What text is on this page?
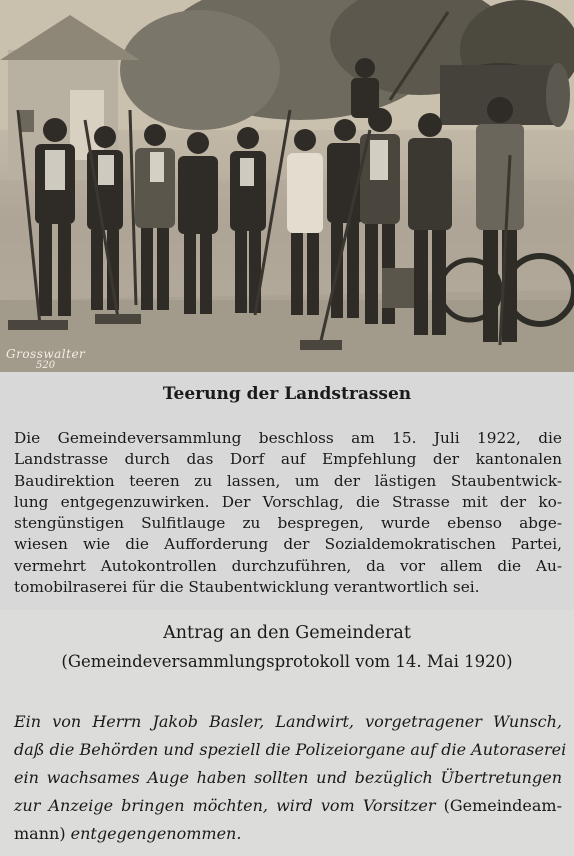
Grosswalter
520
Teerung der Landstrassen
Die Gemeindeversammlung beschloss am 15. Juli 1922, die
Landstrasse durch das Dorf auf Empfehlung der kantonalen
Baudirektion teeren zu lassen, um der lästigen Staubentwick-
lung entgegenzuwirken. Der Vorschlag, die Strasse mit der ko-
stengünstigen Sulfitlauge zu bespregen, wurde ebenso abge-
wiesen wie die Aufforderung der Sozialdemokratischen Partei,
vermehrt Autokontrollen durchzuführen, da vor allem die Au-
tomobilraserei für die Staubentwicklung verantwortlich sei.
Antrag an den Gemeinderat
(Gemeindeversammlungsprotokoll vom 14. Mai 1920)
Ein von Herrn Jakob Basler, Landwirt, vorgetragener Wunsch,
daß die Behörden und speziell die Polizeiorgane auf die Autoraserei
ein wachsames Auge haben sollten und bezüglich Übertretungen
zur Anzeige bringen möchten, wird vom Vorsitzer (Gemeindeam-
mann) entgegengenommen.
